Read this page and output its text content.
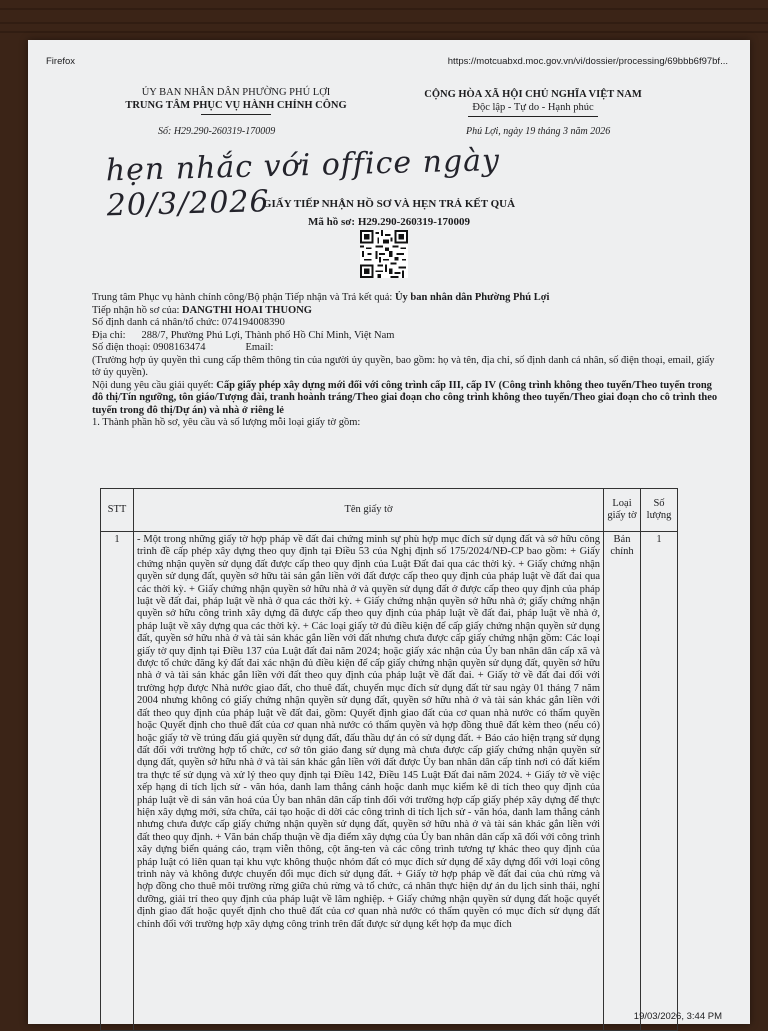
Firefox	https://motcuabxd.moc.gov.vn/vi/dossier/processing/69bbb6f97bf...
ỦY BAN NHÂN DÂN PHƯỜNG PHÚ LỢI
TRUNG TÂM PHỤC VỤ HÀNH CHÍNH CÔNG
CỘNG HÒA XÃ HỘI CHỦ NGHĨA VIỆT NAM
Độc lập - Tự do - Hạnh phúc
Số: H29.290-260319-170009	Phú Lợi, ngày 19 tháng 3 năm 2026
hẹn nhắc với office ngày 20/3/2026
GIẤY TIẾP NHẬN HỒ SƠ VÀ HẸN TRẢ KẾT QUẢ
Mã hồ sơ: H29.290-260319-170009

Trung tâm Phục vụ hành chính công/Bộ phận Tiếp nhận và Trả kết quả: Ủy ban nhân dân Phường Phú Lợi

Tiếp nhận hồ sơ của: DANGTHI HOAI THUONG

Số định danh cá nhân/tổ chức: 074194008390

Địa chỉ: 288/7, Phường Phú Lợi, Thành phố Hồ Chí Minh, Việt Nam

Số điện thoại: 0908163474	Email:

(Trường hợp ủy quyền thì cung cấp thêm thông tin của người ủy quyền, bao gồm: họ và tên, địa chỉ, số định danh cá nhân, số điện thoại, email, giấy tờ ủy quyền).

Nội dung yêu cầu giải quyết: Cấp giấy phép xây dựng mới đối với công trình cấp III, cấp IV (Công trình không theo tuyến/Theo tuyến trong đô thị/Tín ngưỡng, tôn giáo/Tượng đài, tranh hoành tráng/Theo giai đoạn cho công trình không theo tuyến/Theo giai đoạn cho cô trình theo tuyến trong đô thị/Dự án) và nhà ở riêng lẻ

1. Thành phần hồ sơ, yêu cầu và số lượng mỗi loại giấy tờ gồm:

STT	Tên giấy tờ	Loại giấy tờ	Số lượng
1	- Một trong những giấy tờ hợp pháp về đất đai chứng minh sự phù hợp mục đích sử dụng đất và sở hữu công trình đề cấp phép xây dựng theo quy định tại Điều 53 của Nghị định số 175/2024/NĐ-CP bao gồm: + Giấy chứng nhận quyền sử dụng đất được cấp theo quy định của Luật Đất đai qua các thời kỳ. + Giấy chứng nhận quyền sử dụng đất, quyền sở hữu tài sản gắn liền với đất được cấp theo quy định của pháp luật về đất đai qua các thời kỳ. + Giấy chứng nhận quyền sở hữu nhà ở và quyền sử dụng đất ở được cấp theo quy định của pháp luật về đất đai, pháp luật về nhà ở qua các thời kỳ. + Giấy chứng nhận quyền sở hữu nhà ở; giấy chứng nhận quyền sở hữu công trình xây dựng đã được cấp theo quy định của pháp luật về đất đai, pháp luật về nhà ở, pháp luật về xây dựng qua các thời kỳ. + Các loại giấy tờ đủ điều kiện để cấp giấy chứng nhận quyền sử dụng đất, quyền sở hữu nhà ở và tài sản khác gắn liền với đất nhưng chưa được cấp giấy chứng nhận gồm: Các loại giấy tờ quy định tại Điều 137 của Luật đất đai năm 2024; hoặc giấy xác nhận của Ủy ban nhân dân cấp xã và được tổ chức đăng ký đất đai xác nhận đủ điều kiện để cấp giấy chứng nhận quyền sử dụng đất, quyền sở hữu nhà ở và tài sản khác gắn liền với đất theo quy định của pháp luật về đất đai. + Giấy tờ về đất đai đối với trường hợp được Nhà nước giao đất, cho thuê đất, chuyển mục đích sử dụng đất từ sau ngày 01 tháng 7 năm 2004 nhưng không có giấy chứng nhận quyền sử dụng đất, quyền sở hữu nhà ở và tài sản khác gắn liền với đất theo quy định của pháp luật về đất đai, gồm: Quyết định giao đất của cơ quan nhà nước có thẩm quyền hoặc Quyết định cho thuê đất của cơ quan nhà nước có thẩm quyền và hợp đồng thuê đất kèm theo (nếu có) hoặc giấy tờ về trúng đấu giá quyền sử dụng đất, đấu thầu dự án có sử dụng đất. + Báo cáo hiện trạng sử dụng đất đối với trường hợp tổ chức, cơ sở tôn giáo đang sử dụng mà chưa được cấp giấy chứng nhận quyền sử dụng đất, quyền sở hữu nhà ở và tài sản khác gắn liền với đất được Ủy ban nhân dân cấp tỉnh nơi có đất kiểm tra thực tế sử dụng và xử lý theo quy định tại Điều 142, Điều 145 Luật Đất đai năm 2024. + Giấy tờ về việc xếp hạng di tích lịch sử - văn hóa, danh lam thắng cảnh hoặc danh mục kiểm kê di tích theo quy định của pháp luật về di sản văn hoá của Ủy ban nhân dân cấp tỉnh đối với trường hợp cấp giấy phép xây dựng để thực hiện xây dựng mới, sửa chữa, cải tạo hoặc di dời các công trình di tích lịch sử - văn hóa, danh lam thắng cảnh nhưng chưa được cấp giấy chứng nhận quyền sử dụng đất, quyền sở hữu nhà ở và tài sản khác gắn liền với đất theo quy định. + Văn bản chấp thuận về địa điểm xây dựng của Ủy ban nhân dân cấp xã đối với công trình xây dựng biển quảng cáo, trạm viễn thông, cột ăng-ten và các công trình tương tự khác theo quy định của pháp luật có liên quan tại khu vực không thuộc nhóm đất có mục đích sử dụng để xây dựng đối với loại công trình này và không được chuyển đổi mục đích sử dụng đất. + Giấy tờ hợp pháp về đất đai của chủ rừng và hợp đồng cho thuê môi trường rừng giữa chủ rừng và tổ chức, cá nhân thực hiện dự án du lịch sinh thái, nghỉ dưỡng, giải trí theo quy định của pháp luật về lâm nghiệp. + Giấy chứng nhận quyền sử dụng đất hoặc quyết định giao đất hoặc quyết định cho thuê đất của cơ quan nhà nước có thẩm quyền có mục đích sử dụng đất chính đối với trường hợp xây dựng công trình trên đất được sử dụng kết hợp đa mục đích	Bản chính	1
19/03/2026, 3:44 PM
